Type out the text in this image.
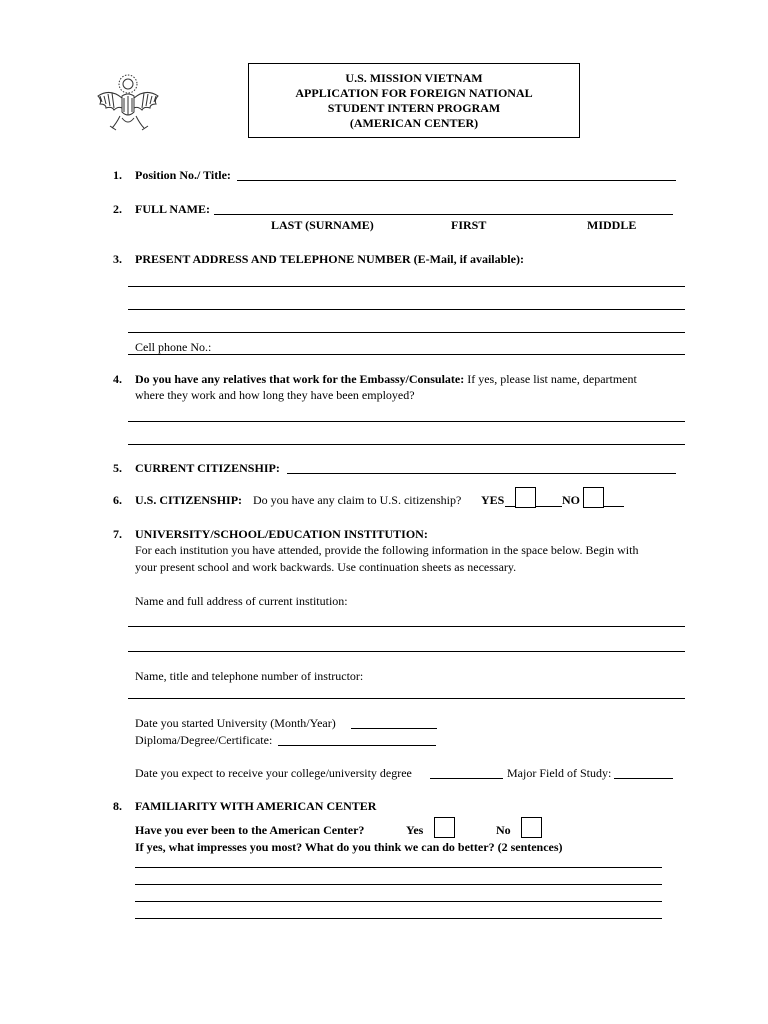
U.S. MISSION VIETNAM
APPLICATION FOR FOREIGN NATIONAL
STUDENT INTERN PROGRAM
(AMERICAN CENTER)
1. Position No./ Title:
2. FULL NAME:
LAST (SURNAME)	FIRST	MIDDLE
3. PRESENT ADDRESS AND TELEPHONE NUMBER (E-Mail, if available):
Cell phone No.:
4. Do you have any relatives that work for the Embassy/Consulate: If yes, please list name, department
where they work and how long they have been employed?
5. CURRENT CITIZENSHIP:
6. U.S. CITIZENSHIP: Do you have any claim to U.S. citizenship? YES	NO
7. UNIVERSITY/SCHOOL/EDUCATION INSTITUTION:
For each institution you have attended, provide the following information in the space below. Begin with
your present school and work backwards. Use continuation sheets as necessary.
Name and full address of current institution:
Name, title and telephone number of instructor:
Date you started University (Month/Year)
Diploma/Degree/Certificate:
Date you expect to receive your college/university degree	Major Field of Study:
8. FAMILIARITY WITH AMERICAN CENTER
Have you ever been to the American Center?	Yes	No
If yes, what impresses you most? What do you think we can do better? (2 sentences)
